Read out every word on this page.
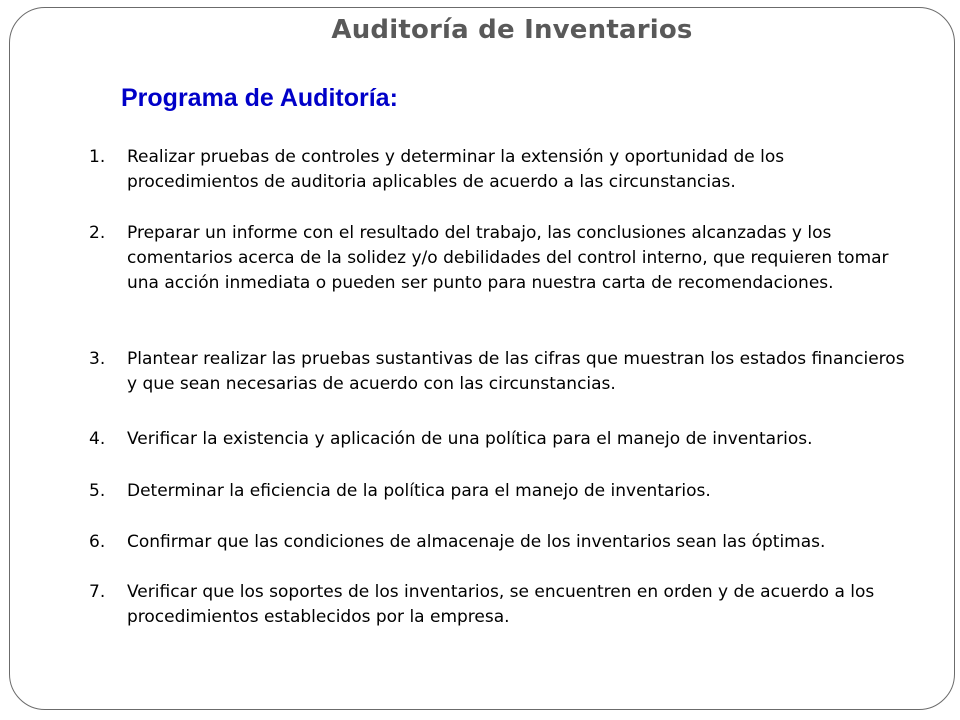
Auditoría de Inventarios
Programa de Auditoría:
1.	Realizar pruebas de controles y determinar la extensión y oportunidad de los procedimientos de auditoria aplicables de acuerdo a las circunstancias.
2.	Preparar un informe con el resultado del trabajo, las conclusiones alcanzadas y los comentarios acerca de la solidez y/o debilidades del control interno, que requieren tomar una acción inmediata o pueden ser punto para nuestra carta de recomendaciones.
3.	Plantear realizar las pruebas sustantivas de las cifras que muestran los estados financieros y que sean necesarias de acuerdo con las circunstancias.
4.	Verificar la existencia y aplicación de una política para el manejo de inventarios.
5.	Determinar la eficiencia de la política para el manejo de inventarios.
6.	Confirmar que las condiciones de almacenaje de los inventarios sean las óptimas.
7.	Verificar que los soportes de los inventarios, se encuentren en orden y de acuerdo a los procedimientos establecidos por la empresa.
